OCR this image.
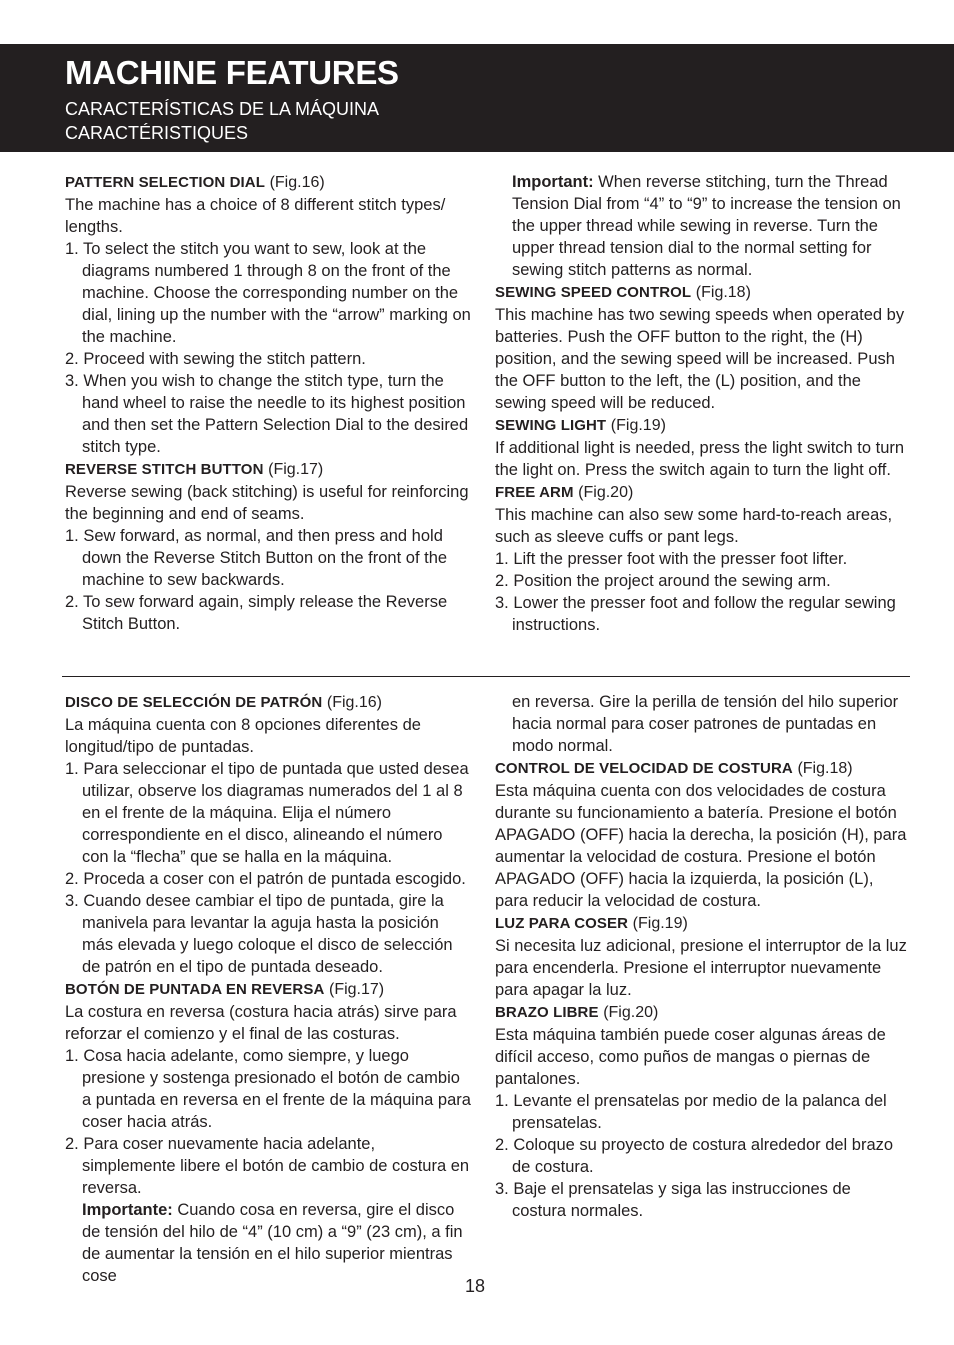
MACHINE FEATURES
CARACTERÍSTICAS DE LA MÁQUINA
CARACTÉRISTIQUES

PATTERN SELECTION DIAL (Fig.16)

The machine has a choice of 8 different stitch types/ lengths.

1. To select the stitch you want to sew, look at the diagrams numbered 1 through 8 on the front of the machine. Choose the corresponding number on the dial, lining up the number with the “arrow” marking on the machine.

2. Proceed with sewing the stitch pattern.

3. When you wish to change the stitch type, turn the hand wheel to raise the needle to its highest position and then set the Pattern Selection Dial to the desired stitch type.

REVERSE STITCH BUTTON (Fig.17)

Reverse sewing (back stitching) is useful for reinforcing the beginning and end of seams.

1. Sew forward, as normal, and then press and hold down the Reverse Stitch Button on the front of the machine to sew backwards.

2. To sew forward again, simply release the Reverse Stitch Button.

Important: When reverse stitching, turn the Thread Tension Dial from “4” to “9” to increase the tension on the upper thread while sewing in reverse. Turn the upper thread tension dial to the normal setting for sewing stitch patterns as normal.

SEWING SPEED CONTROL (Fig.18)

This machine has two sewing speeds when operated by batteries. Push the OFF button to the right, the (H) position, and the sewing speed will be increased. Push the OFF button to the left, the (L) position, and the sewing speed will be reduced.

SEWING LIGHT (Fig.19)

If additional light is needed, press the light switch to turn the light on. Press the switch again to turn the light off.

FREE ARM (Fig.20)

This machine can also sew some hard-to-reach areas, such as sleeve cuffs or pant legs.

1. Lift the presser foot with the presser foot lifter.

2. Position the project around the sewing arm.

3. Lower the presser foot and follow the regular sewing instructions.

DISCO DE SELECCIÓN DE PATRÓN (Fig.16)

La máquina cuenta con 8 opciones diferentes de longitud/tipo de puntadas.

1. Para seleccionar el tipo de puntada que usted desea utilizar, observe los diagramas numerados del 1 al 8 en el frente de la máquina. Elija el número correspondiente en el disco, alineando el número con la “flecha” que se halla en la máquina.

2. Proceda a coser con el patrón de puntada escogido.

3. Cuando desee cambiar el tipo de puntada, gire la manivela para levantar la aguja hasta la posición más elevada y luego coloque el disco de selección de patrón en el tipo de puntada deseado.

BOTÓN DE PUNTADA EN REVERSA (Fig.17)

La costura en reversa (costura hacia atrás) sirve para reforzar el comienzo y el final de las costuras.

1. Cosa hacia adelante, como siempre, y luego presione y sostenga presionado el botón de cambio a puntada en reversa en el frente de la máquina para coser hacia atrás.

2. Para coser nuevamente hacia adelante, simplemente libere el botón de cambio de costura en reversa.

Importante: Cuando cosa en reversa, gire el disco de tensión del hilo de “4” (10 cm) a “9” (23 cm), a fin de aumentar la tensión en el hilo superior mientras cose

en reversa. Gire la perilla de tensión del hilo superior hacia normal para coser patrones de puntadas en modo normal.

CONTROL DE VELOCIDAD DE COSTURA (Fig.18)

Esta máquina cuenta con dos velocidades de costura durante su funcionamiento a batería. Presione el botón APAGADO (OFF) hacia la derecha, la posición (H), para aumentar la velocidad de costura. Presione el botón APAGADO (OFF) hacia la izquierda, la posición (L), para reducir la velocidad de costura.

LUZ PARA COSER (Fig.19)

Si necesita luz adicional, presione el interruptor de la luz para encenderla. Presione el interruptor nuevamente para apagar la luz.

BRAZO LIBRE (Fig.20)

Esta máquina también puede coser algunas áreas de difícil acceso, como puños de mangas o piernas de pantalones.

1. Levante el prensatelas por medio de la palanca del prensatelas.

2. Coloque su proyecto de costura alrededor del brazo de costura.

3. Baje el prensatelas y siga las instrucciones de costura normales.

18
